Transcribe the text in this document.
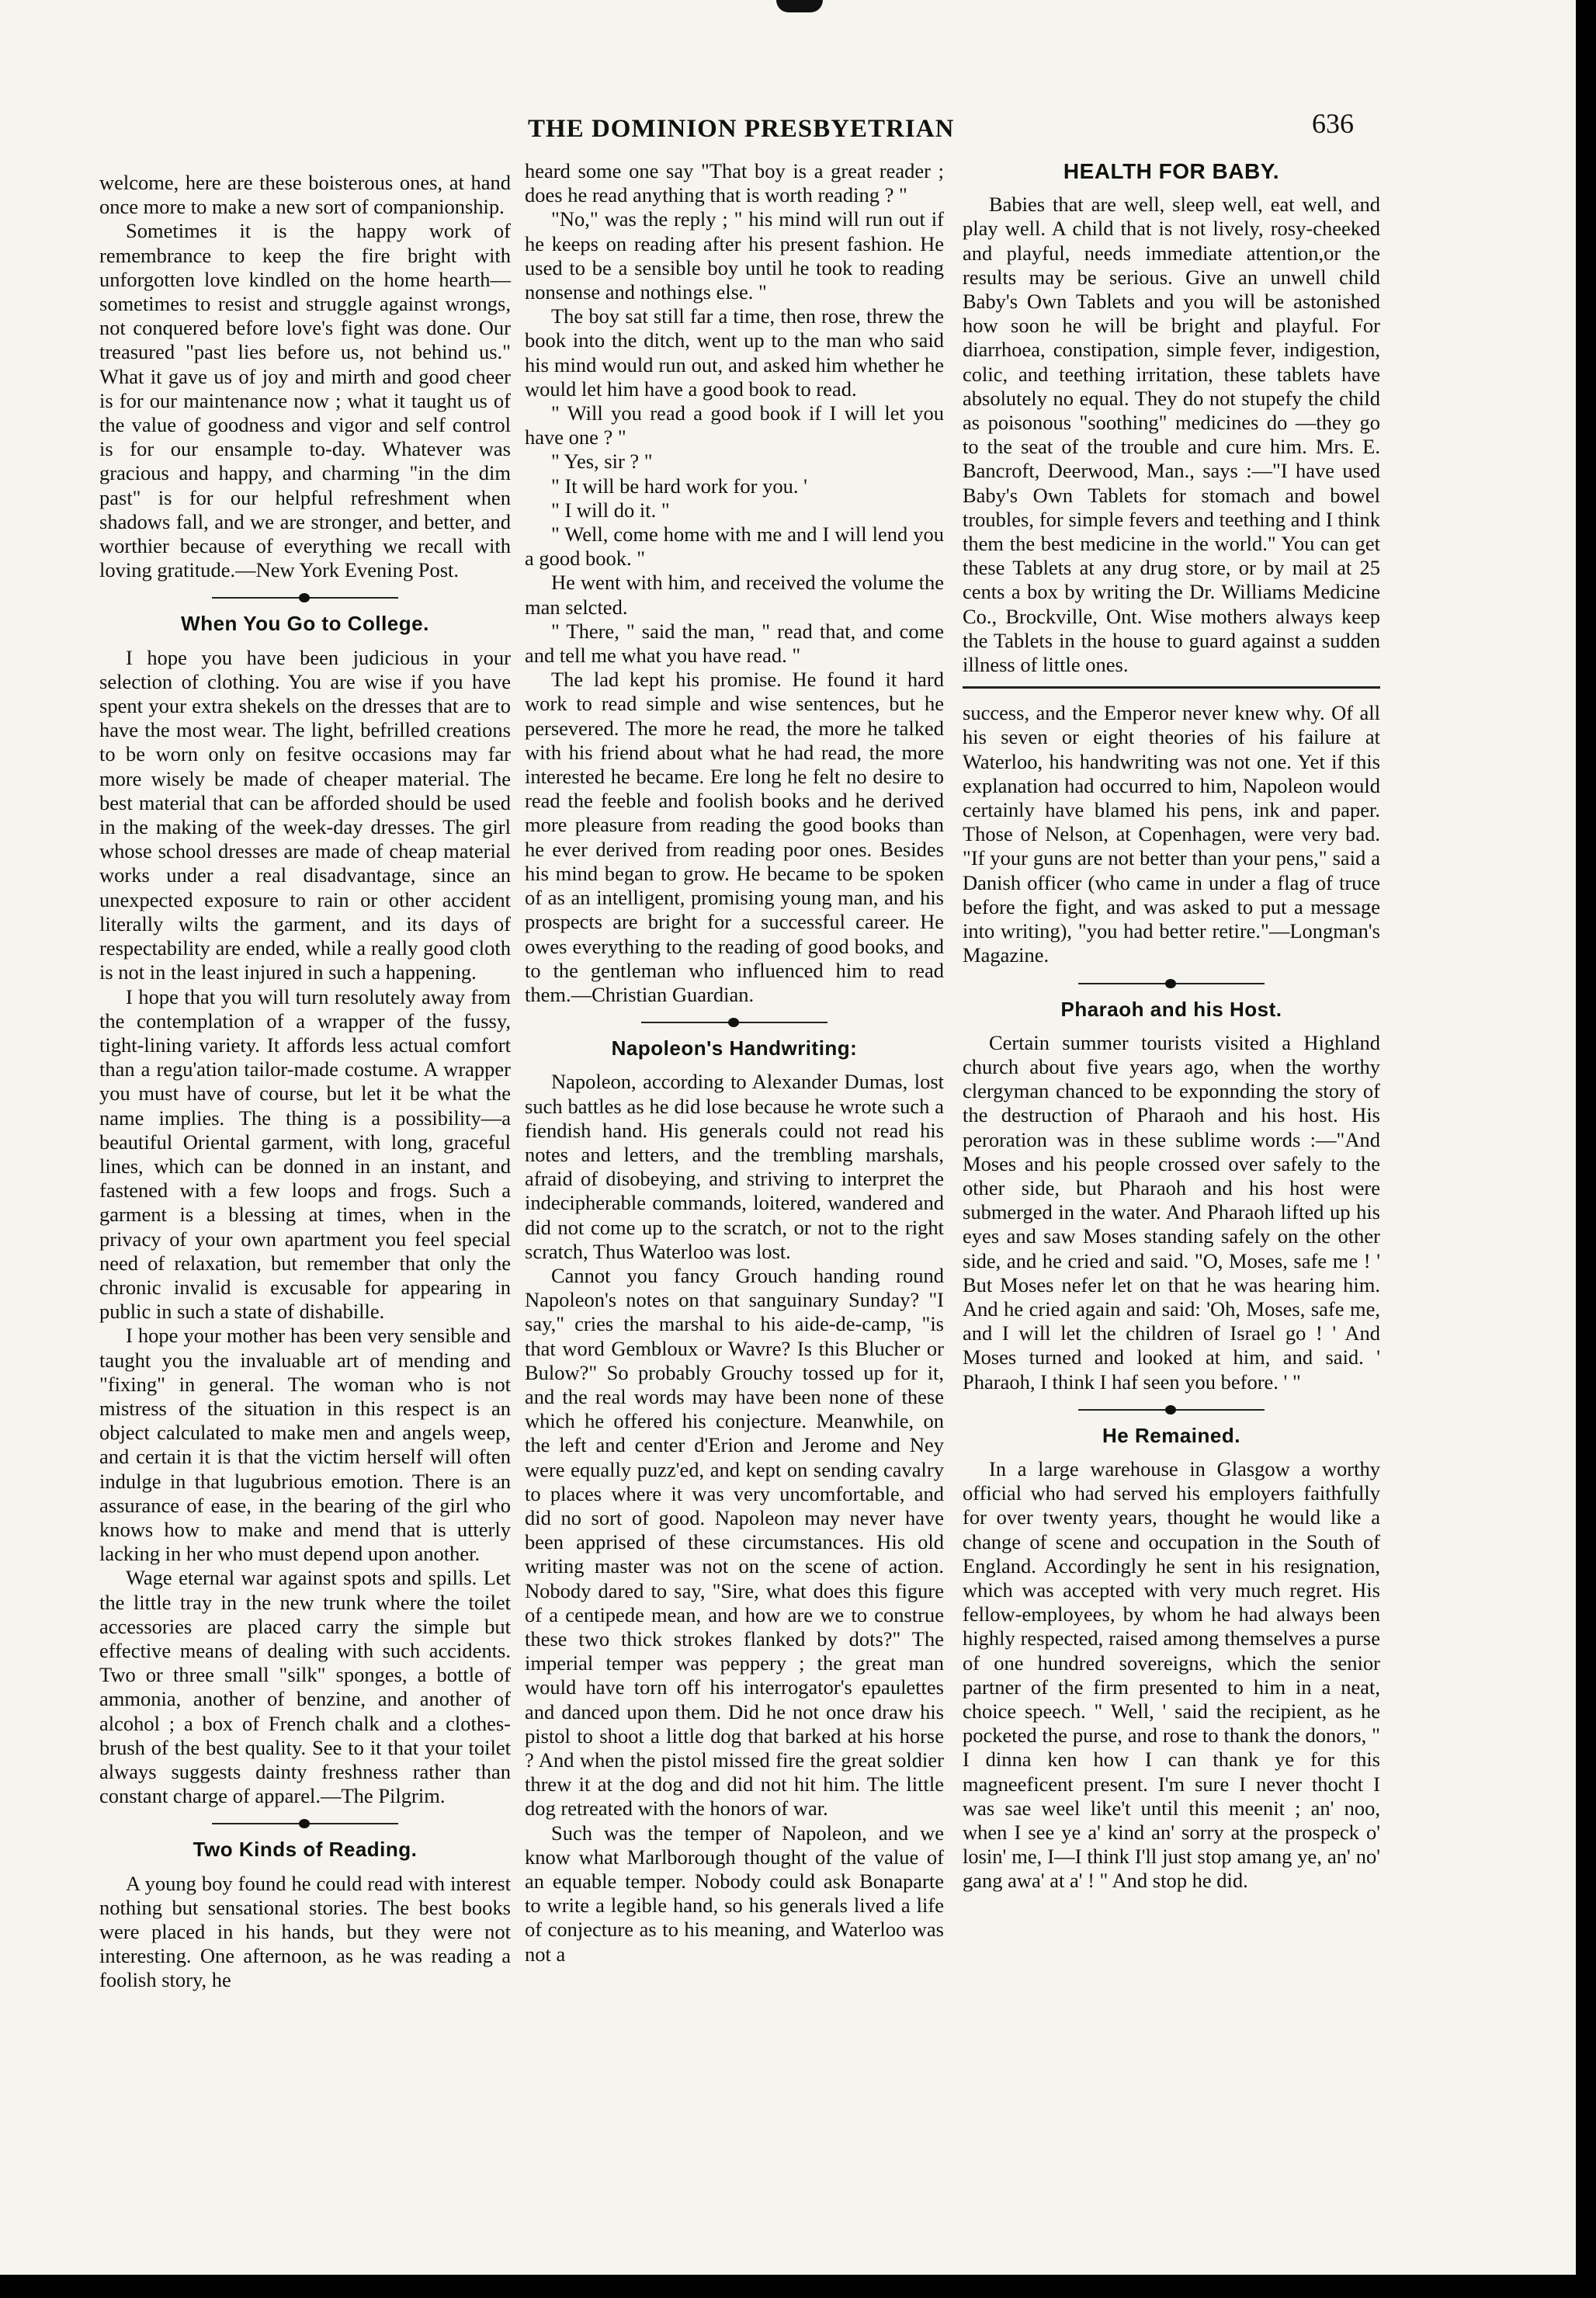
THE DOMINION PRESBYETRIAN	636

welcome, here are these boisterous ones, at hand once more to make a new sort of companionship.

Sometimes it is the happy work of remembrance to keep the fire bright with unforgotten love kindled on the home hearth—sometimes to resist and struggle against wrongs, not conquered before love's fight was done. Our treasured "past lies before us, not behind us." What it gave us of joy and mirth and good cheer is for our maintenance now ; what it taught us of the value of goodness and vigor and self control is for our ensample to-day. Whatever was gracious and happy, and charming "in the dim past" is for our helpful refreshment when shadows fall, and we are stronger, and better, and worthier because of everything we recall with loving gratitude.—New York Evening Post.

When You Go to College.

I hope you have been judicious in your selection of clothing. You are wise if you have spent your extra shekels on the dresses that are to have the most wear. The light, befrilled creations to be worn only on fesitve occasions may far more wisely be made of cheaper material. The best material that can be afforded should be used in the making of the week-day dresses. The girl whose school dresses are made of cheap material works under a real disadvantage, since an unexpected exposure to rain or other accident literally wilts the garment, and its days of respectability are ended, while a really good cloth is not in the least injured in such a happening.

I hope that you will turn resolutely away from the contemplation of a wrapper of the fussy, tight-lining variety. It affords less actual comfort than a regu'ation tailor-made costume. A wrapper you must have of course, but let it be what the name implies. The thing is a possibility—a beautiful Oriental garment, with long, graceful lines, which can be donned in an instant, and fastened with a few loops and frogs. Such a garment is a blessing at times, when in the privacy of your own apartment you feel special need of relaxation, but remember that only the chronic invalid is excusable for appearing in public in such a state of dishabille.

I hope your mother has been very sensible and taught you the invaluable art of mending and "fixing" in general. The woman who is not mistress of the situation in this respect is an object calculated to make men and angels weep, and certain it is that the victim herself will often indulge in that lugubrious emotion. There is an assurance of ease, in the bearing of the girl who knows how to make and mend that is utterly lacking in her who must depend upon another.

Wage eternal war against spots and spills. Let the little tray in the new trunk where the toilet accessories are placed carry the simple but effective means of dealing with such accidents. Two or three small "silk" sponges, a bottle of ammonia, another of benzine, and another of alcohol ; a box of French chalk and a clothes-brush of the best quality. See to it that your toilet always suggests dainty freshness rather than constant charge of apparel.—The Pilgrim.

Two Kinds of Reading.

A young boy found he could read with interest nothing but sensational stories. The best books were placed in his hands, but they were not interesting. One afternoon, as he was reading a foolish story, he

heard some one say "That boy is a great reader ; does he read anything that is worth reading ? "

"No," was the reply ; " his mind will run out if he keeps on reading after his present fashion. He used to be a sensible boy until he took to reading nonsense and nothings else. "

The boy sat still far a time, then rose, threw the book into the ditch, went up to the man who said his mind would run out, and asked him whether he would let him have a good book to read.

" Will you read a good book if I will let you have one ? "

" Yes, sir ? "

" It will be hard work for you. '

" I will do it. "

" Well, come home with me and I will lend you a good book. "

He went with him, and received the volume the man selcted.

" There, " said the man, " read that, and come and tell me what you have read. "

The lad kept his promise. He found it hard work to read simple and wise sentences, but he persevered. The more he read, the more he talked with his friend about what he had read, the more interested he became. Ere long he felt no desire to read the feeble and foolish books and he derived more pleasure from reading the good books than he ever derived from reading poor ones. Besides his mind began to grow. He became to be spoken of as an intelligent, promising young man, and his prospects are bright for a successful career. He owes everything to the reading of good books, and to the gentleman who influenced him to read them.—Christian Guardian.

Napoleon's Handwriting:

Napoleon, according to Alexander Dumas, lost such battles as he did lose because he wrote such a fiendish hand. His generals could not read his notes and letters, and the trembling marshals, afraid of disobeying, and striving to interpret the indecipherable commands, loitered, wandered and did not come up to the scratch, or not to the right scratch, Thus Waterloo was lost.

Cannot you fancy Grouch handing round Napoleon's notes on that sanguinary Sunday? "I say," cries the marshal to his aide-de-camp, "is that word Gembloux or Wavre? Is this Blucher or Bulow?" So probably Grouchy tossed up for it, and the real words may have been none of these which he offered his conjecture. Meanwhile, on the left and center d'Erion and Jerome and Ney were equally puzz'ed, and kept on sending cavalry to places where it was very uncomfortable, and did no sort of good. Napoleon may never have been apprised of these circumstances. His old writing master was not on the scene of action. Nobody dared to say, "Sire, what does this figure of a centipede mean, and how are we to construe these two thick strokes flanked by dots?" The imperial temper was peppery ; the great man would have torn off his interrogator's epaulettes and danced upon them. Did he not once draw his pistol to shoot a little dog that barked at his horse ? And when the pistol missed fire the great soldier threw it at the dog and did not hit him. The little dog retreated with the honors of war.

Such was the temper of Napoleon, and we know what Marlborough thought of the value of an equable temper. Nobody could ask Bonaparte to write a legible hand, so his generals lived a life of conjecture as to his meaning, and Waterloo was not a

HEALTH FOR BABY.

Babies that are well, sleep well, eat well, and play well. A child that is not lively, rosy-cheeked and playful, needs immediate attention,or the results may be serious. Give an unwell child Baby's Own Tablets and you will be astonished how soon he will be bright and playful. For diarrhoea, constipation, simple fever, indigestion, colic, and teething irritation, these tablets have absolutely no equal. They do not stupefy the child as poisonous "soothing" medicines do —they go to the seat of the trouble and cure him. Mrs. E. Bancroft, Deerwood, Man., says :—"I have used Baby's Own Tablets for stomach and bowel troubles, for simple fevers and teething and I think them the best medicine in the world." You can get these Tablets at any drug store, or by mail at 25 cents a box by writing the Dr. Williams Medicine Co., Brockville, Ont. Wise mothers always keep the Tablets in the house to guard against a sudden illness of little ones.

success, and the Emperor never knew why. Of all his seven or eight theories of his failure at Waterloo, his handwriting was not one. Yet if this explanation had occurred to him, Napoleon would certainly have blamed his pens, ink and paper. Those of Nelson, at Copenhagen, were very bad. "If your guns are not better than your pens," said a Danish officer (who came in under a flag of truce before the fight, and was asked to put a message into writing), "you had better retire."—Longman's Magazine.

Pharaoh and his Host.

Certain summer tourists visited a Highland church about five years ago, when the worthy clergyman chanced to be exponnding the story of the destruction of Pharaoh and his host. His peroration was in these sublime words :—"And Moses and his people crossed over safely to the other side, but Pharaoh and his host were submerged in the water. And Pharaoh lifted up his eyes and saw Moses standing safely on the other side, and he cried and said. "O, Moses, safe me ! ' But Moses nefer let on that he was hearing him. And he cried again and said: 'Oh, Moses, safe me, and I will let the children of Israel go ! ' And Moses turned and looked at him, and said. ' Pharaoh, I think I haf seen you before. ' "

He Remained.

In a large warehouse in Glasgow a worthy official who had served his employers faithfully for over twenty years, thought he would like a change of scene and occupation in the South of England. Accordingly he sent in his resignation, which was accepted with very much regret. His fellow-employees, by whom he had always been highly respected, raised among themselves a purse of one hundred sovereigns, which the senior partner of the firm presented to him in a neat, choice speech. " Well, ' said the recipient, as he pocketed the purse, and rose to thank the donors, " I dinna ken how I can thank ye for this magneeficent present. I'm sure I never thocht I was sae weel like't until this meenit ; an' noo, when I see ye a' kind an' sorry at the prospeck o' losin' me, I—I think I'll just stop amang ye, an' no' gang awa' at a' ! " And stop he did.
